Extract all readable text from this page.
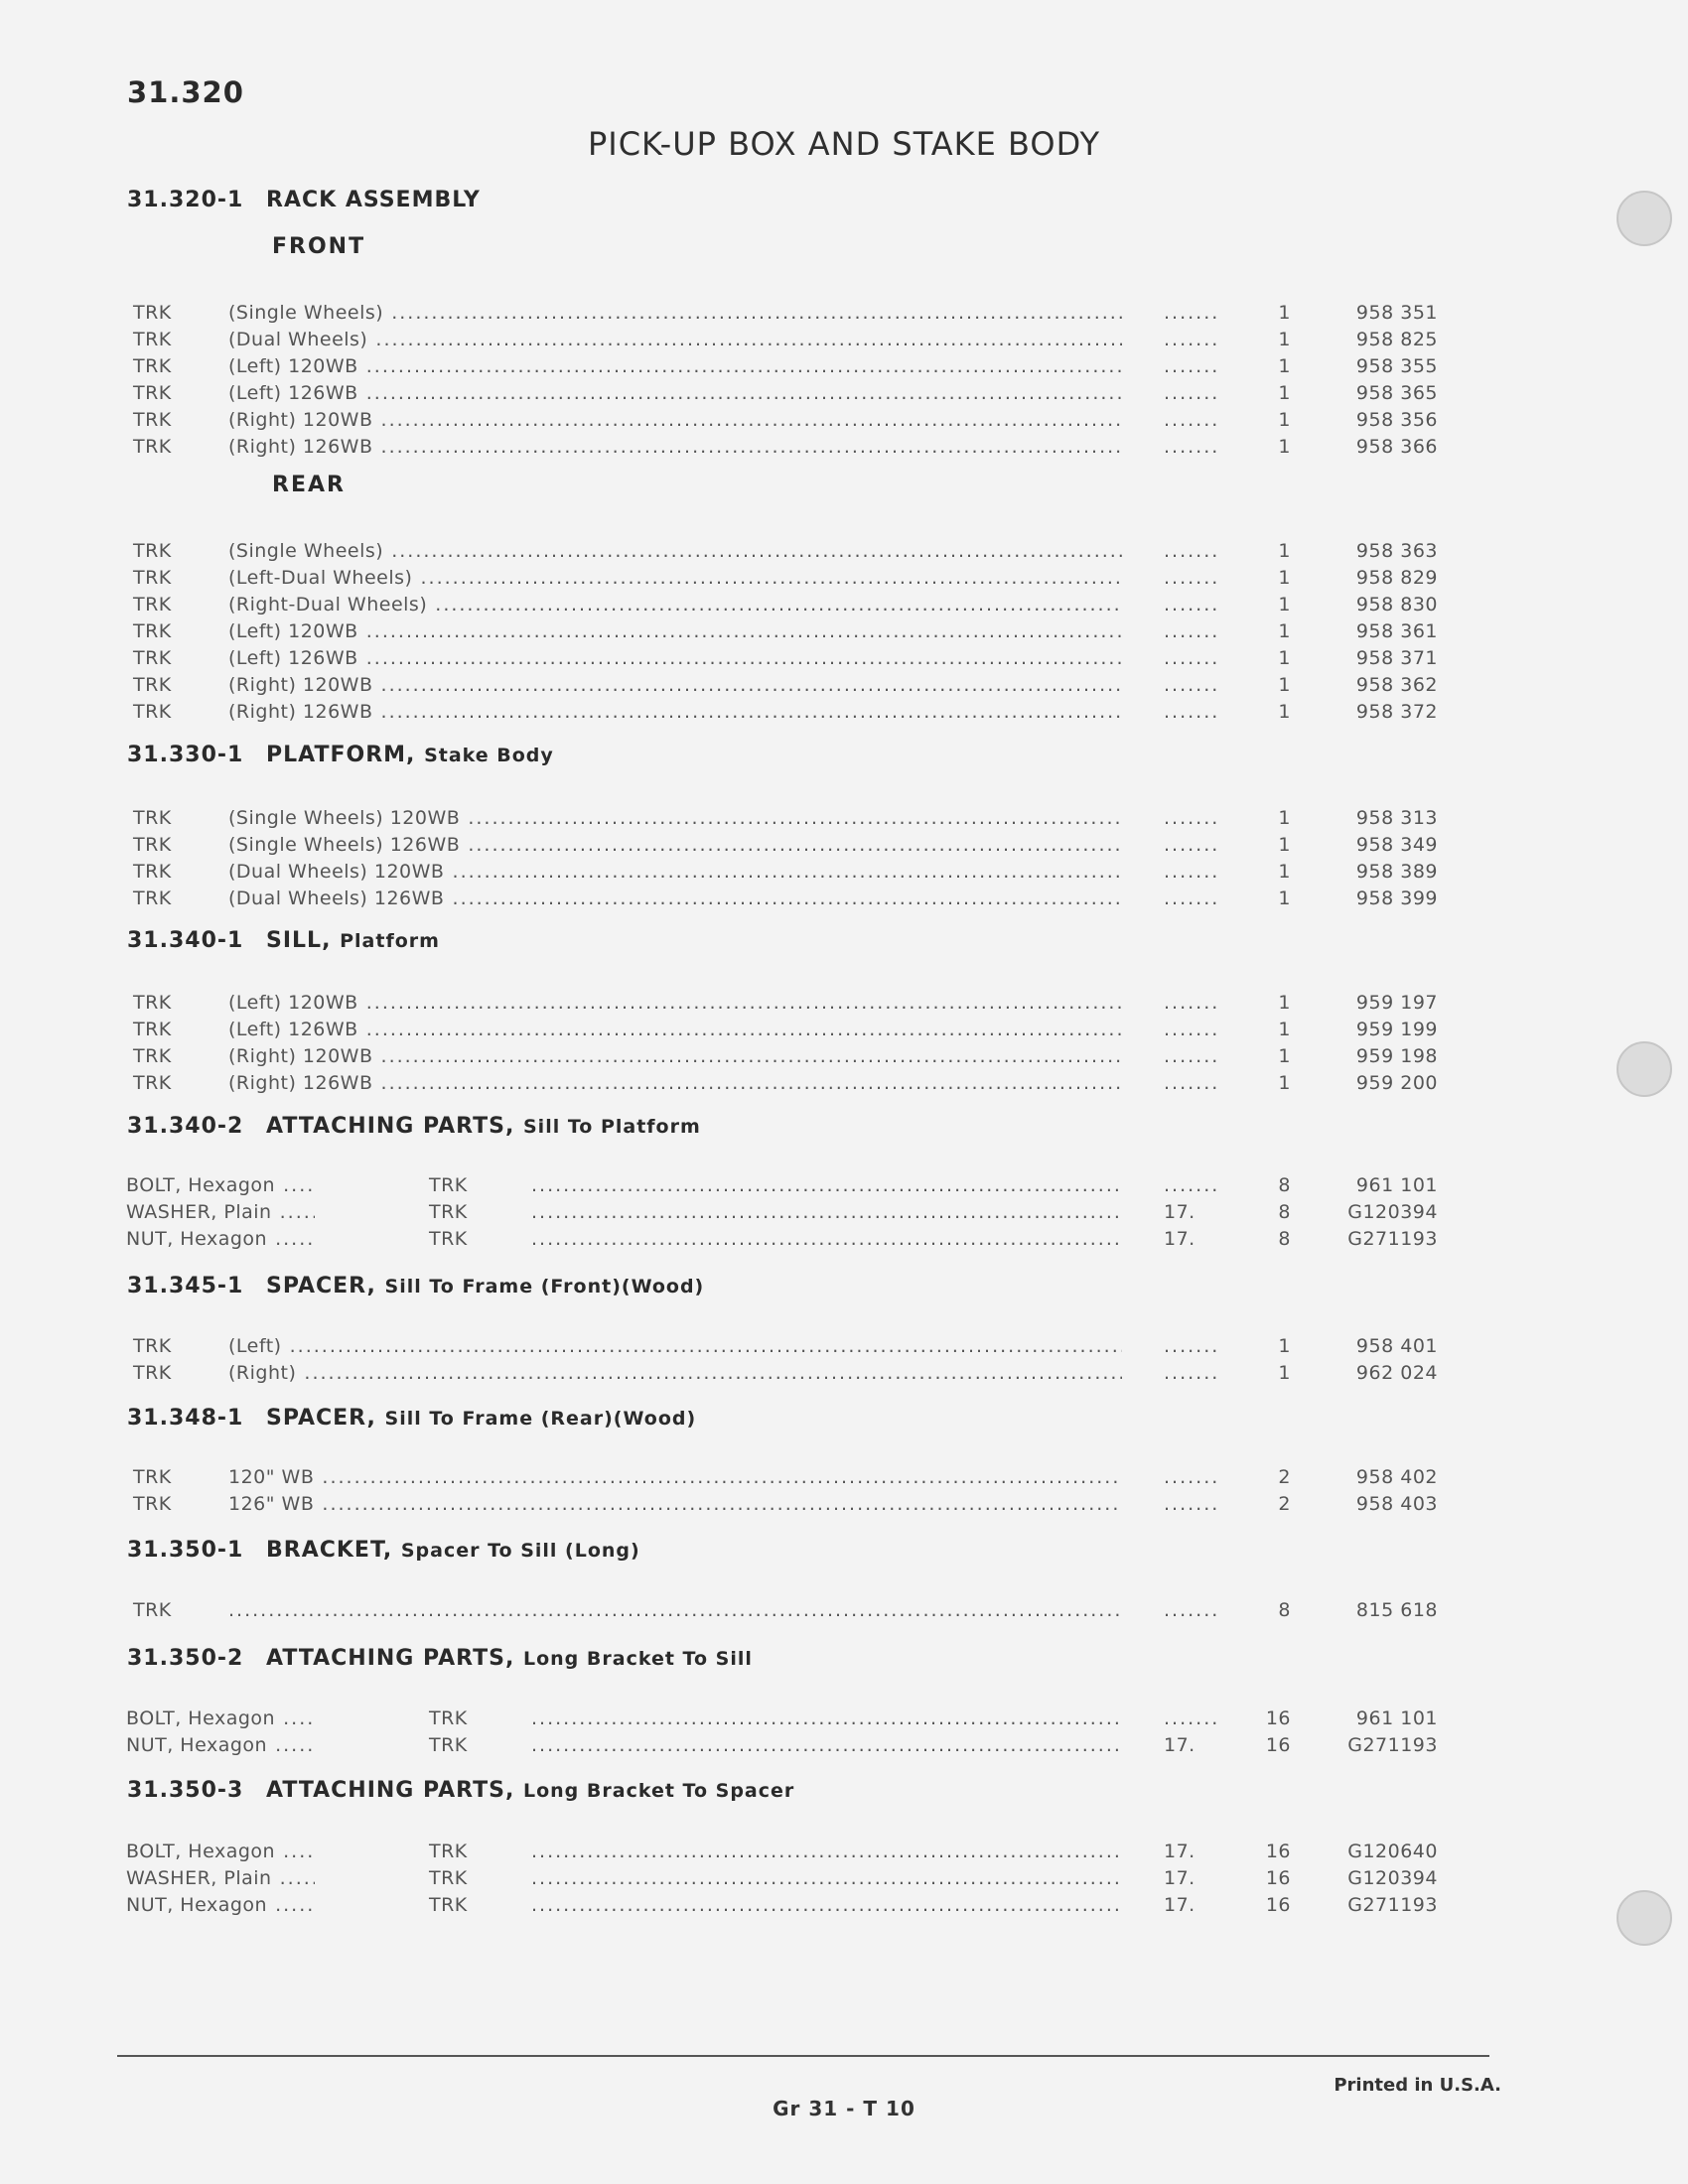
31.320
PICK-UP BOX AND STAKE BODY
31.320-1 RACK ASSEMBLY
FRONT
TRK	(Single Wheels) .....	.......	1	958 351
TRK	(Dual Wheels) .....	.......	1	958 825
TRK	(Left) 120WB .....	.......	1	958 355
TRK	(Left) 126WB .....	.......	1	958 365
TRK	(Right) 120WB .....	.......	1	958 356
TRK	(Right) 126WB .....	.......	1	958 366
REAR
TRK	(Single Wheels) .....	.......	1	958 363
TRK	(Left-Dual Wheels) .....	.......	1	958 829
TRK	(Right-Dual Wheels) .....	.......	1	958 830
TRK	(Left) 120WB .....	.......	1	958 361
TRK	(Left) 126WB .....	.......	1	958 371
TRK	(Right) 120WB .....	.......	1	958 362
TRK	(Right) 126WB .....	.......	1	958 372
31.330-1 PLATFORM, Stake Body
TRK	(Single Wheels) 120WB .....	.......	1	958 313
TRK	(Single Wheels) 126WB .....	.......	1	958 349
TRK	(Dual Wheels) 120WB .....	.......	1	958 389
TRK	(Dual Wheels) 126WB .....	.......	1	958 399
31.340-1 SILL, Platform
TRK	(Left) 120WB .....	.......	1	959 197
TRK	(Left) 126WB .....	.......	1	959 199
TRK	(Right) 120WB .....	.......	1	959 198
TRK	(Right) 126WB .....	.......	1	959 200
31.340-2 ATTACHING PARTS, Sill To Platform
BOLT, Hexagon .....	TRK .....	.......	8	961 101
WASHER, Plain .....	TRK .....	17.	8	G120394
NUT, Hexagon .....	TRK .....	17.	8	G271193
31.345-1 SPACER, Sill To Frame (Front)(Wood)
TRK	(Left) .....	.......	1	958 401
TRK	(Right) .....	.......	1	962 024
31.348-1 SPACER, Sill To Frame (Rear)(Wood)
TRK	120" WB .....	.......	2	958 402
TRK	126" WB .....	.......	2	958 403
31.350-1 BRACKET, Spacer To Sill (Long)
TRK .....	.......	8	815 618
31.350-2 ATTACHING PARTS, Long Bracket To Sill
BOLT, Hexagon .....	TRK .....	.......	16	961 101
NUT, Hexagon .....	TRK .....	17.	16	G271193
31.350-3 ATTACHING PARTS, Long Bracket To Spacer
BOLT, Hexagon .....	TRK .....	17.	16	G120640
WASHER, Plain .....	TRK .....	17.	16	G120394
NUT, Hexagon .....	TRK .....	17.	16	G271193
Gr 31 - T 10
Printed in U.S.A.
